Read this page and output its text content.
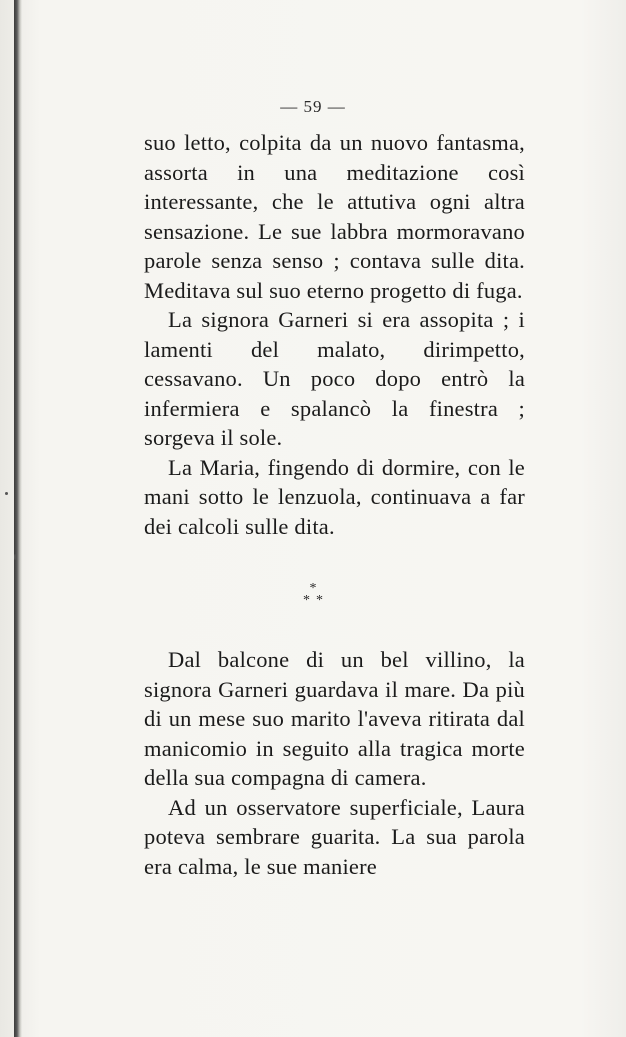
— 59 —

suo letto, colpita da un nuovo fantasma, assorta in una meditazione così interessante, che le attutiva ogni altra sensazione. Le sue labbra mormoravano parole senza senso ; contava sulle dita. Meditava sul suo eterno progetto di fuga.

La signora Garneri si era assopita ; i lamenti del malato, dirimpetto, cessavano. Un poco dopo entrò la infermiera e spalancò la finestra ; sorgeva il sole.

La Maria, fingendo di dormire, con le mani sotto le lenzuola, continuava a far dei calcoli sulle dita.

*
**

Dal balcone di un bel villino, la signora Garneri guardava il mare. Da più di un mese suo marito l'aveva ritirata dal manicomio in seguito alla tragica morte della sua compagna di camera.

Ad un osservatore superficiale, Laura poteva sembrare guarita. La sua parola era calma, le sue maniere
